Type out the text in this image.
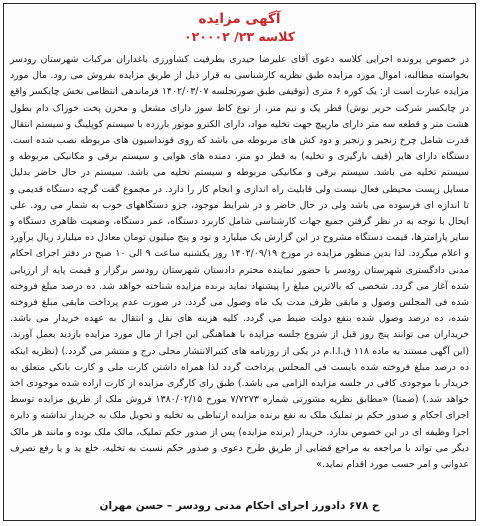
آگهی مزایده
کلاسه ۲۳/ ۰۲۰۰۰۲
در خصوص پرونده اجرایی کلاسه دعوی آقای علیرضا حیدری بطرفیت کشاورزی باغداران مرکبات شهرستان رودسر بخواسته مطالبه، اموال مورد مزایده طبق نظریه کارشناسی به قرار ذیل از طریق مزایده بفروش می رود. مال مورد مزایده عبارت است از: یک کوره ۶ متری (توقیفی طبق صورتجلسه ۱۴۰۲/۰۳/۰۷ فرماندهی انتظامی بخش چابکسر واقع در چابکسر شرکت حریر نوش) قطر یک و نیم متر، از نوع کاط سوز دارای مشعل و مخزن پخت خوراک دام بطول هشت متر و قطعه سه متر دارای مارپیچ جهت تخلیه مواد، دارای الکترو موتور بارزده با سیستم کوپلینگ و سیستم انتقال قدرت شامل چرخ زنجیر و زنجیر و دود کش های مربوطه می باشد که روی فونداسیون های مربوطه نصب شده است. دستگاه دارای هایر (قیف بارگیری و تخلیه) به قطر دو متر، دمنده های هوایی و سیستم برقی و مکانیکی مربوطه و سیستم تخلیه می باشد. سیستم برقی و مکانیکی مربوطه و سیستم تخلیه می باشد. سیستم در حال حاضر بدلیل مسایل زیست محیطی فعال نیست ولی قابلیت راه اندازی و انجام کار را دارد. در مجموع گفت گرچه دستگاه قدیمی و تا اندازه ای فرسوده می باشد ولی در حال حاضر و در شرایط موجود، جزو دستگاههای خوب به شمار می رود. علی ایحال با توجه به در نظر گرفتن جمیع جهات کارشناسی شامل کاربرد دستگاه، عمر دستگاه، وضعیت ظاهری دستگاه و سایر پارامترها، قیمت دستگاه مشروح در این گزارش یک میلیارد و نود و پنج میلیون تومان معادل ده میلیارد ریال برآورد و اعلام میگردد. لذا بدین منظور مزایده در مورخ ۱۴۰۲/۰۹/۱۹ روز یکشنبه ساعت ۹ الی ۱۰ صبح در دفتر اجرای احکام مدنی دادگستری شهرستان رودسر با حضور نماینده محترم دادستان شهرستان رودسر برگزار و قیمت پایه از ارزیابی شده آغاز می گردد. شخصی که بالاترین مبلغ را پیشنهاد نماید برنده مزایده شناخته خواهد شد. ده درصد مبلغ فروخته شده فی المجلس وصول و مابقی ظرف مدت یک ماه وصول می گردد. در صورت عدم پرداخت مابقی مبلغ فروخته شده، ده درصد وصول شده بنفع دولت ضبط می گردد. کلیه هزینه های نقل و انتقال به عهده خریدار می باشد. خریداران می توانند پنج روز قبل از شروع جلسه مزایده با هماهنگی این اجرا از مال مورد مزایده بازدید بعمل آورند. (این آگهی مستند به ماده ۱۱۸ ق.ا.ا.م در یکی از روزنامه های کثیرالانتشار محلی درج و منتشر می گردد.) (نظریه اینکه ده درصد مبلغ فروخته شده بایست فی المجلس پرداخت گردد لذا همراه داشتن کارت ملی و کارت بانکی متعلق به خریدار با موجودی کافی در جلسه مزایده الزامی می باشد.) طبق رای کارگری مزایده از کارت اراده شده موجودی اخذ خواهد شد.) (ضمنا) «مطابق نظریه مشورتی شماره ۷/۷۲۷۳ مورخ ۱۳۸۰/۰۲/۱۵ فروش ملک از طریق مزایده توسط اجرای احکام و صدور حکم بر تملیک ملک به نفع برنده مزایده ارتباطی به تخلیه و تحویل ملک به خریدار نداشته و دایره اجرا وظیفه ای در این خصوص ندارد. خریدار (برنده مزایده) پس از صدور حکم تملیک، مالک ملک بوده و مانند هر مالک دیگر می تواند با مراجعه به مراجع قضایی از طریق طرح دعوی و صدور حکم نسبت به تخلیه، خلع ید و یا رفع تصرف عدوانی و امر حسب مورد اقدام نماید.»
ح ۶۷۸ دادورز اجرای احکام مدنی رودسر – حسن مهران
